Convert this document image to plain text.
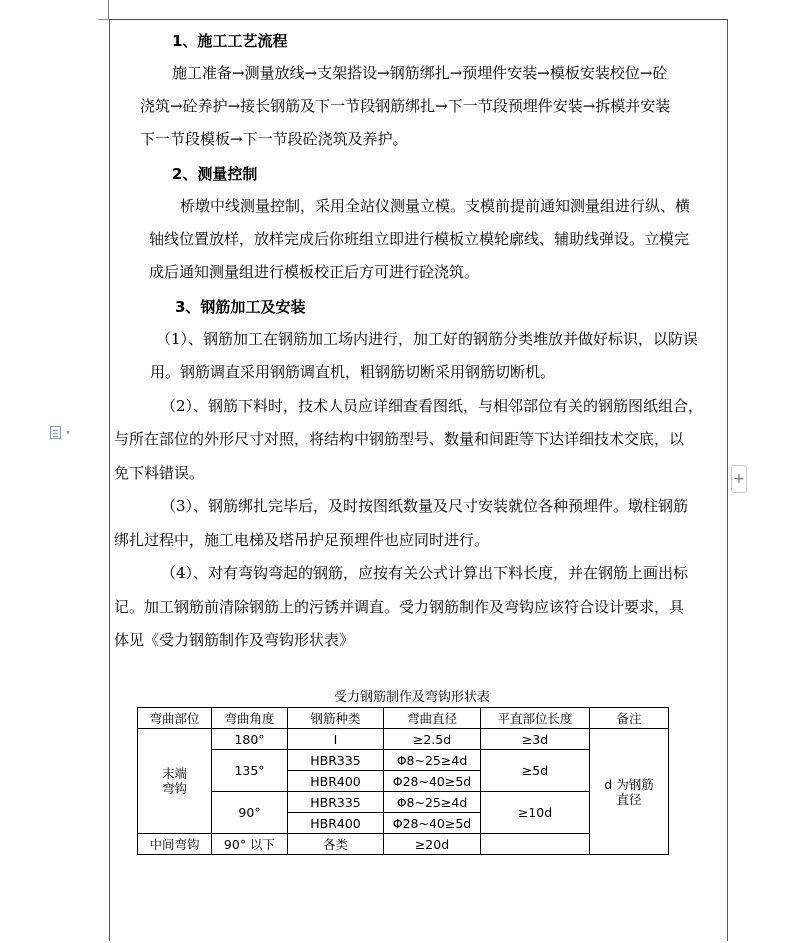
▾
+
1、施工工艺流程
施工准备→测量放线→支架搭设→钢筋绑扎→预埋件安装→模板安装校位→砼
浇筑→砼养护→接长钢筋及下一节段钢筋绑扎→下一节段预埋件安装→拆模并安装
下一节段模板→下一节段砼浇筑及养护。
2、测量控制
桥墩中线测量控制，采用全站仪测量立模。支模前提前通知测量组进行纵、横
轴线位置放样，放样完成后你班组立即进行模板立模轮廓线、辅助线弹设。立模完
成后通知测量组进行模板校正后方可进行砼浇筑。
3、钢筋加工及安装
（1）、钢筋加工在钢筋加工场内进行，加工好的钢筋分类堆放并做好标识，以防误
用。钢筋调直采用钢筋调直机，粗钢筋切断采用钢筋切断机。
（2）、钢筋下料时，技术人员应详细查看图纸，与相邻部位有关的钢筋图纸组合，
与所在部位的外形尺寸对照，将结构中钢筋型号、数量和间距等下达详细技术交底，以
免下料错误。
（3）、钢筋绑扎完毕后，及时按图纸数量及尺寸安装就位各种预埋件。墩柱钢筋
绑扎过程中，施工电梯及塔吊护足预埋件也应同时进行。
（4）、对有弯钩弯起的钢筋，应按有关公式计算出下料长度，并在钢筋上画出标
记。加工钢筋前清除钢筋上的污锈并调直。受力钢筋制作及弯钩应该符合设计要求，具
体见《受力钢筋制作及弯钩形状表》
受力钢筋制作及弯钩形状表
弯曲部位	弯曲角度	钢筋种类	弯曲直径	平直部位长度	备注
末端
弯钩	180°	I	≥2.5d	≥3d	d 为钢筋
直径
	135°	HBR335	Φ8~25≥4d	≥5d	
		HBR400	Φ28~40≥5d		
	90°	HBR335	Φ8~25≥4d	≥10d	
		HBR400	Φ28~40≥5d		
中间弯钩	90° 以下	各类	≥20d		
